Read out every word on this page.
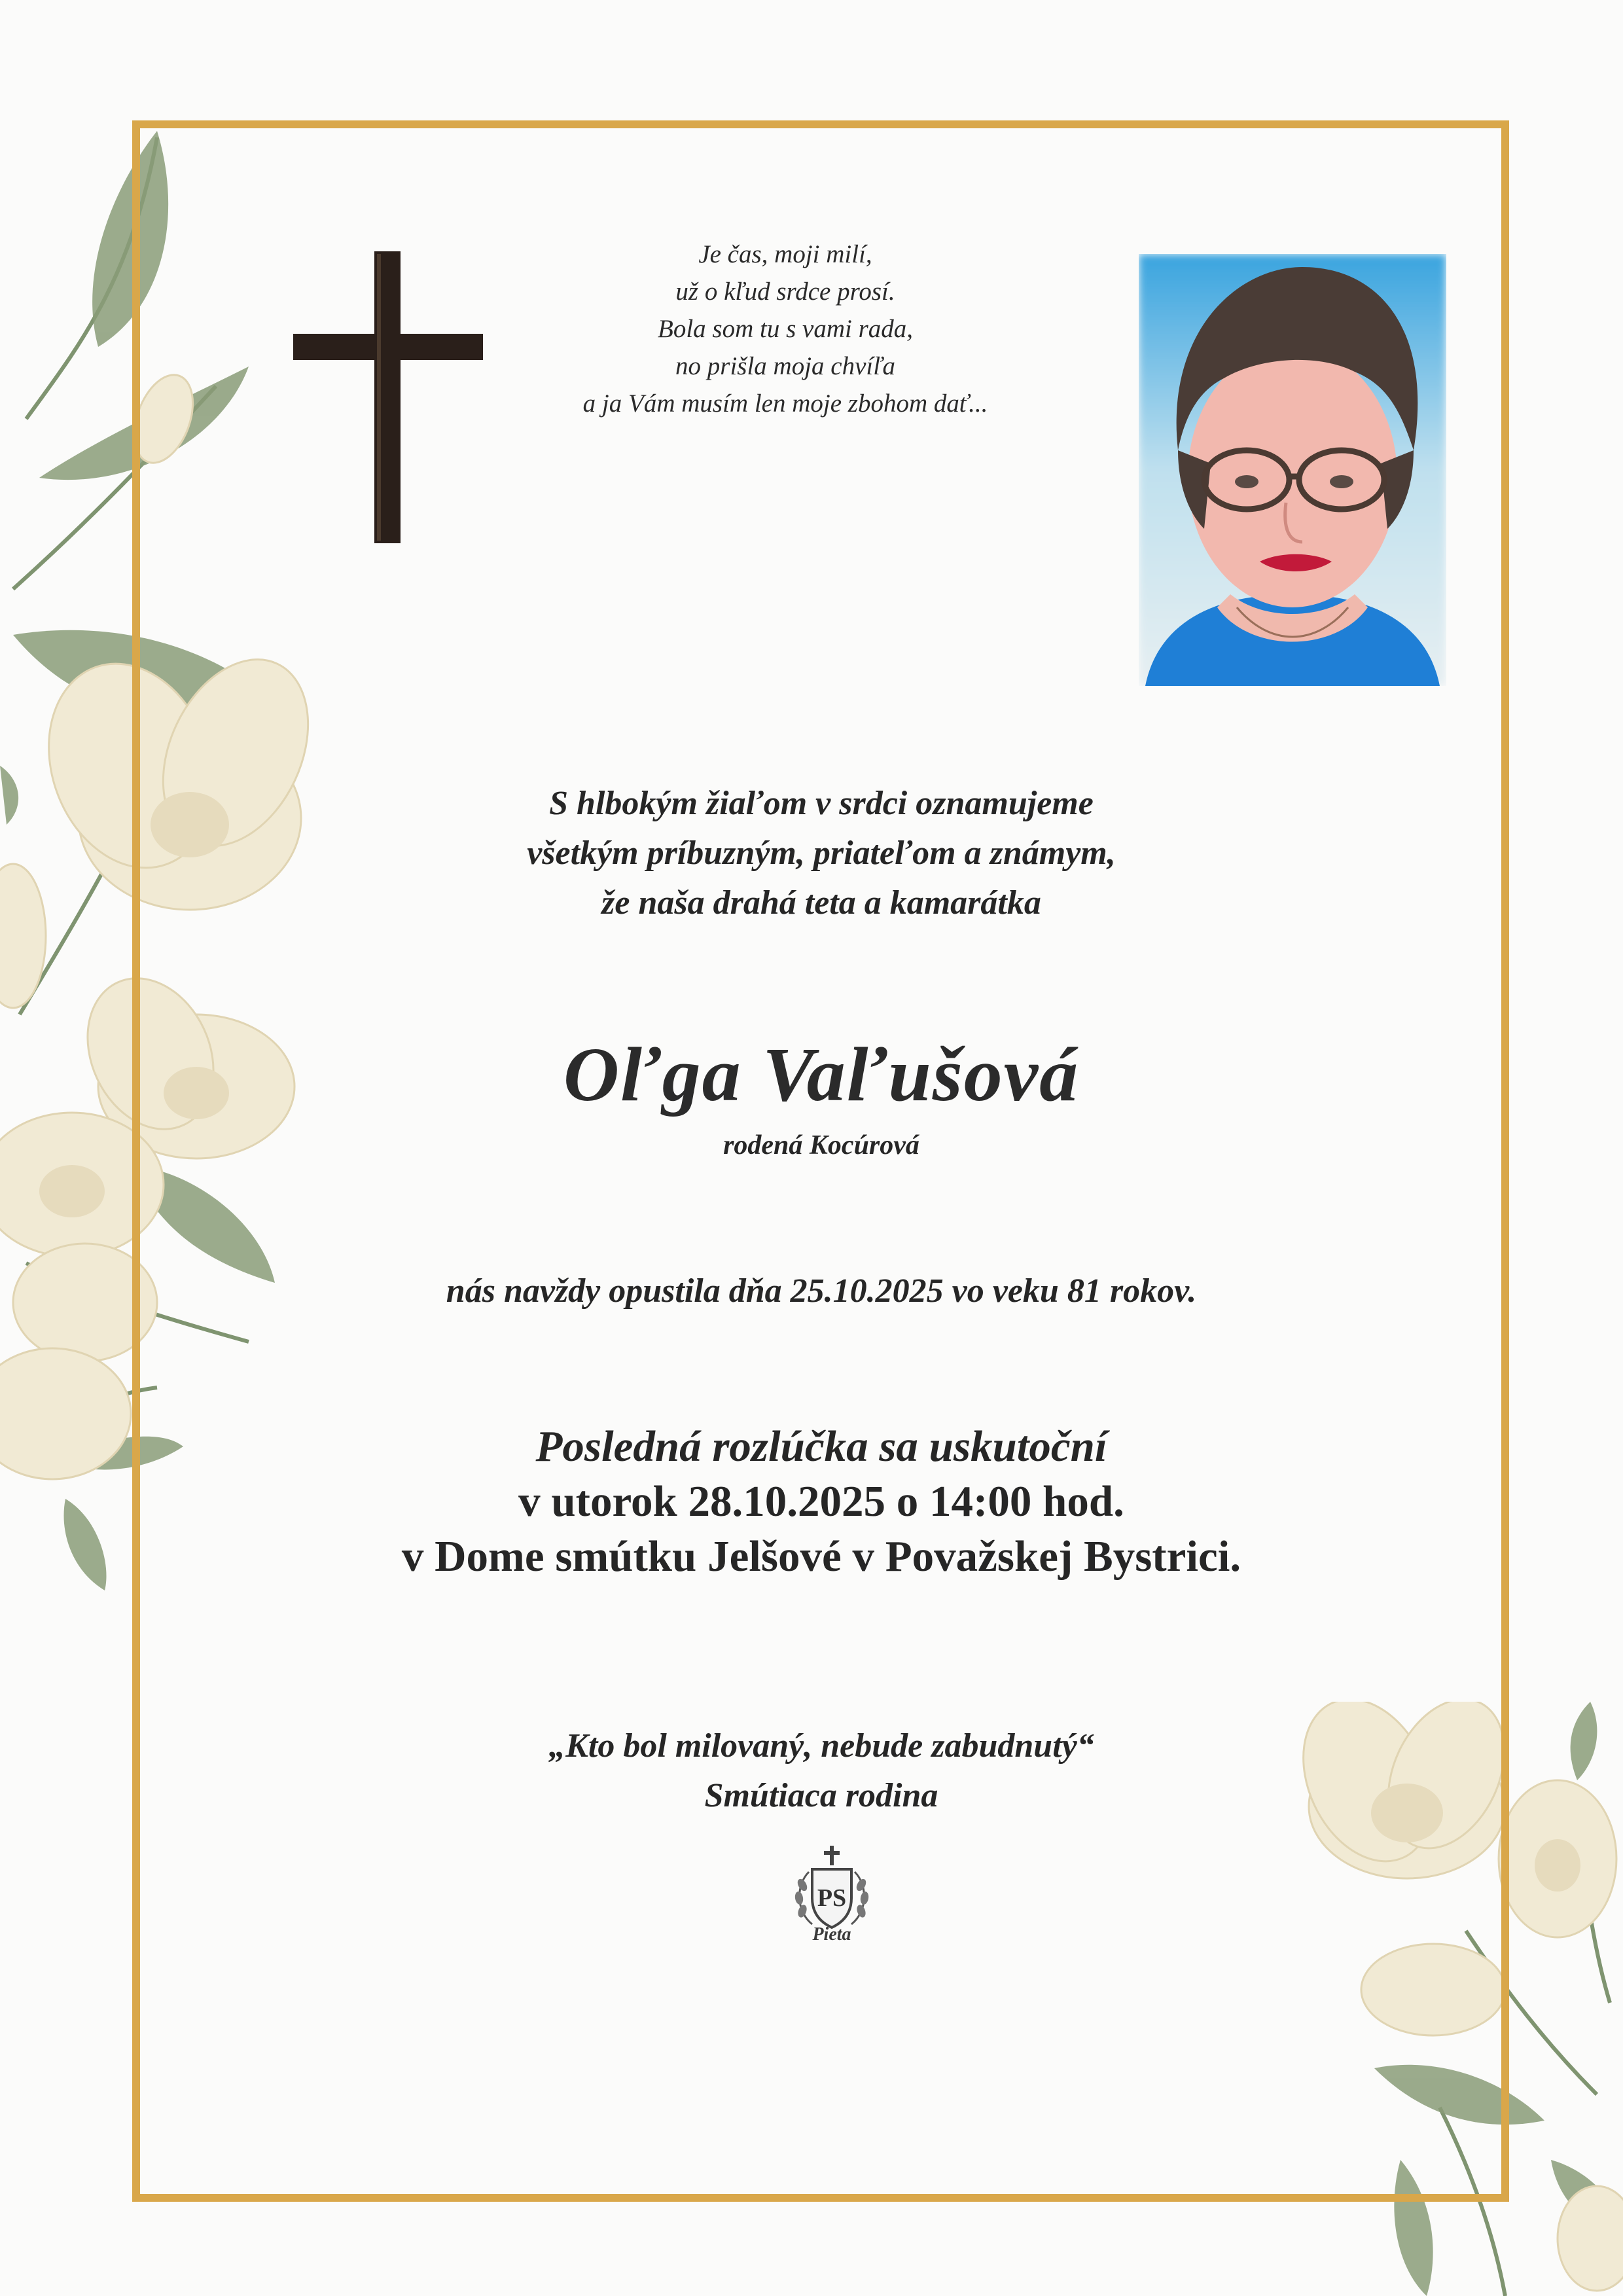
Je čas, moji milí,
už o kľud srdce prosí.
Bola som tu s vami rada,
no prišla moja chvíľa
a ja Vám musím len moje zbohom dať...
S hlbokým žiaľom v srdci oznamujeme
všetkým príbuzným, priateľom a známym,
že naša drahá teta a kamarátka
Oľga Vaľušová
rodená Kocúrová
nás navždy opustila dňa 25.10.2025 vo veku 81 rokov.
Posledná rozlúčka sa uskutoční
v utorok 28.10.2025 o 14:00 hod.
v Dome smútku Jelšové v Považskej Bystrici.
„Kto bol milovaný, nebude zabudnutý“
Smútiaca rodina
PS
Pieta
